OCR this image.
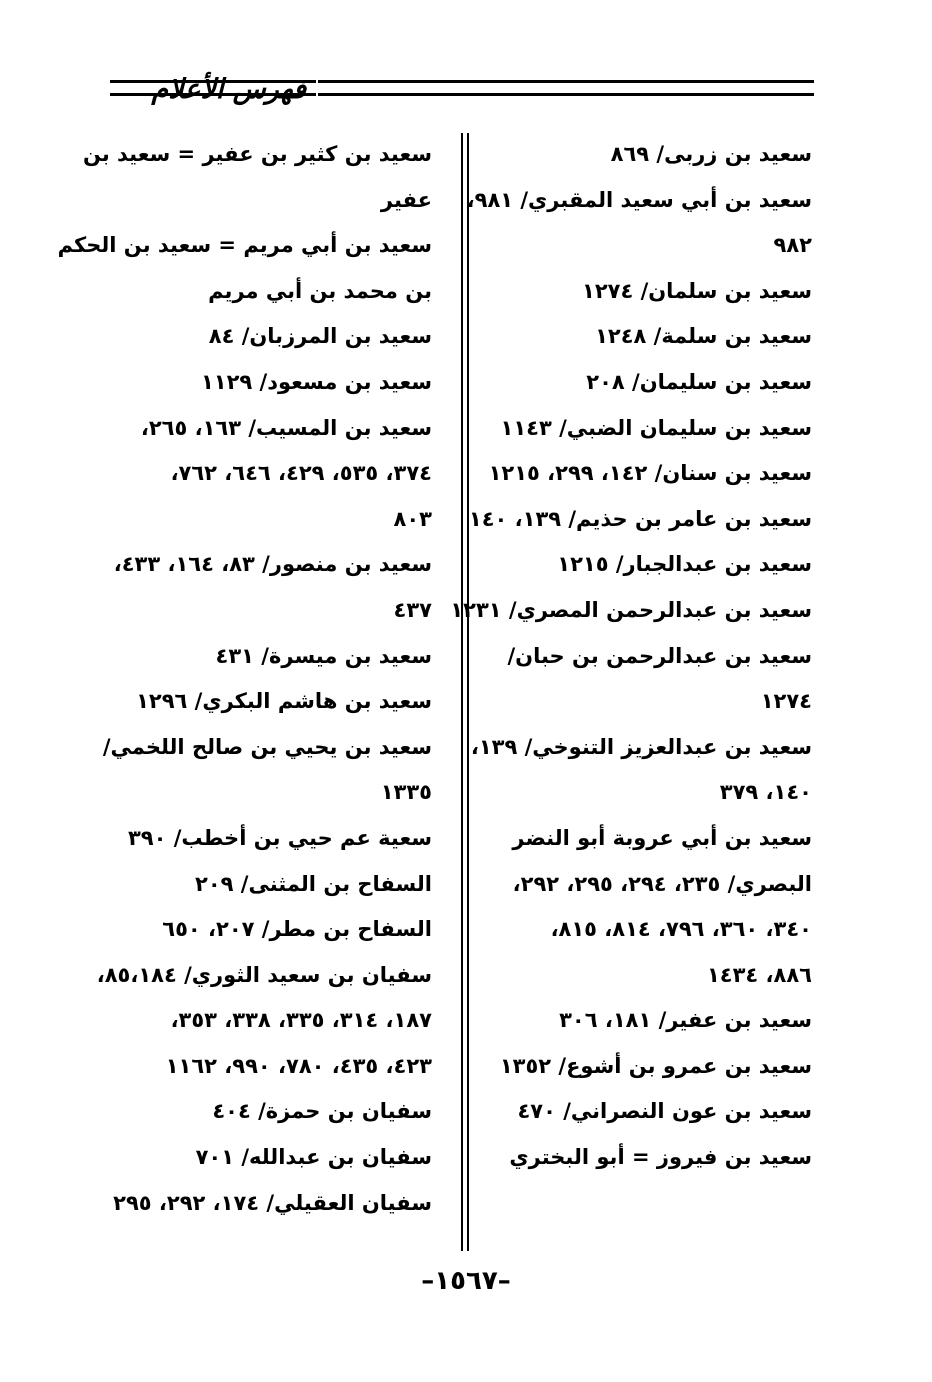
فهرس الأعلام
سعيد بن زربى/ ٨٦٩
سعيد بن أبي سعيد المقبري/ ٩٨١،
٩٨٢
سعيد بن سلمان/ ١٢٧٤
سعيد بن سلمة/ ١٢٤٨
سعيد بن سليمان/ ٢٠٨
سعيد بن سليمان الضبي/ ١١٤٣
سعيد بن سنان/ ١٤٢، ٢٩٩، ١٢١٥
سعيد بن عامر بن حذيم/ ١٣٩، ١٤٠
سعيد بن عبدالجبار/ ١٢١٥
سعيد بن عبدالرحمن المصري/ ١٢٣١
سعيد بن عبدالرحمن بن حبان/
١٢٧٤
سعيد بن عبدالعزيز التنوخي/ ١٣٩،
١٤٠، ٣٧٩
سعيد بن أبي عروبة أبو النضر
البصري/ ٢٣٥، ٢٩٤، ٢٩٥، ٢٩٢،
٣٤٠، ٣٦٠، ٧٩٦، ٨١٤، ٨١٥،
٨٨٦، ١٤٣٤
سعيد بن عفير/ ١٨١، ٣٠٦
سعيد بن عمرو بن أشوع/ ١٣٥٢
سعيد بن عون النصراني/ ٤٧٠
سعيد بن فيروز = أبو البختري
سعيد بن كثير بن عفير = سعيد بن
عفير
سعيد بن أبي مريم = سعيد بن الحكم
بن محمد بن أبي مريم
سعيد بن المرزبان/ ٨٤
سعيد بن مسعود/ ١١٢٩
سعيد بن المسيب/ ١٦٣، ٢٦٥،
٣٧٤، ٥٣٥، ٤٢٩، ٦٤٦، ٧٦٢،
٨٠٣
سعيد بن منصور/ ٨٣، ١٦٤، ٤٣٣،
٤٣٧
سعيد بن ميسرة/ ٤٣١
سعيد بن هاشم البكري/ ١٢٩٦
سعيد بن يحيي بن صالح اللخمي/
١٣٣٥
سعية عم حيي بن أخطب/ ٣٩٠
السفاح بن المثنى/ ٢٠٩
السفاح بن مطر/ ٢٠٧، ٦٥٠
سفيان بن سعيد الثوري/ ٨٥،١٨٤،
١٨٧، ٣١٤، ٣٣٥، ٣٣٨، ٣٥٣،
٤٢٣، ٤٣٥، ٧٨٠، ٩٩٠، ١١٦٢
سفيان بن حمزة/ ٤٠٤
سفيان بن عبدالله/ ٧٠١
سفيان العقيلي/ ١٧٤، ٢٩٢، ٢٩٥
–١٥٦٧–
